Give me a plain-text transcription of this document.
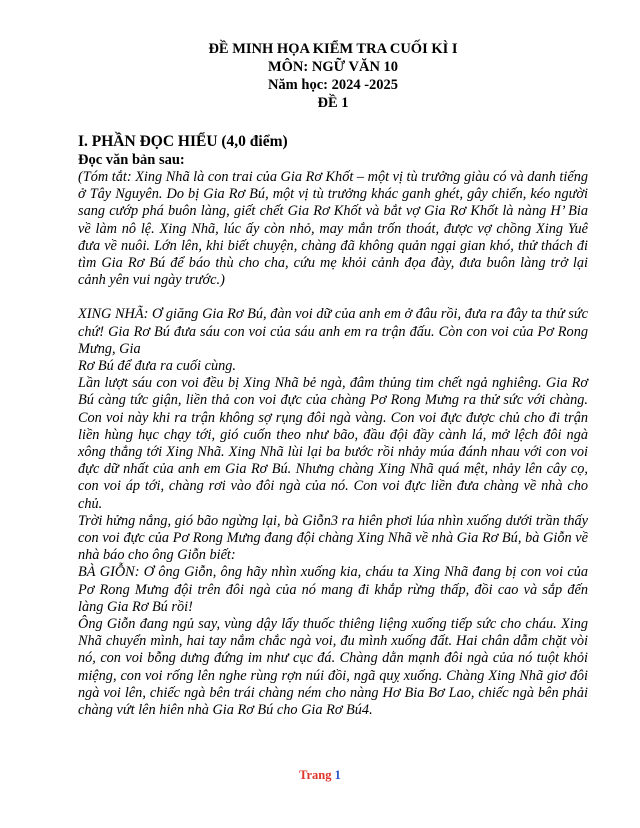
ĐỀ MINH HỌA KIỂM TRA CUỐI KÌ I
MÔN: NGỮ VĂN 10
Năm học: 2024 -2025
ĐỀ 1
I. PHẦN ĐỌC HIỂU (4,0 điểm)
Đọc văn bản sau:

(Tóm tắt: Xing Nhã là con trai của Gia Rơ Khốt – một vị tù trưởng giàu có và danh tiếng ở Tây Nguyên. Do bị Gia Rơ Bú, một vị tù trưởng khác ganh ghét, gây chiến, kéo người sang cướp phá buôn làng, giết chết Gia Rơ Khốt và bắt vợ Gia Rơ Khốt là nàng H’ Bia về làm nô lệ. Xing Nhã, lúc ấy còn nhỏ, may mắn trốn thoát, được vợ chồng Xing Yuê đưa về nuôi. Lớn lên, khi biết chuyện, chàng đã không quản ngại gian khó, thử thách đi tìm Gia Rơ Bú để báo thù cho cha, cứu mẹ khỏi cảnh đọa đày, đưa buôn làng trở lại cảnh yên vui ngày trước.)

XING NHÃ: Ơ giăng Gia Rơ Bú, đàn voi dữ của anh em ở đâu rồi, đưa ra đây ta thử sức chứ! Gia Rơ Bú đưa sáu con voi của sáu anh em ra trận đấu. Còn con voi của Pơ Rong Mưng, Gia

Rơ Bú để đưa ra cuối cùng.

Lần lượt sáu con voi đều bị Xing Nhã bẻ ngà, đâm thủng tim chết ngả nghiêng. Gia Rơ Bú càng tức giận, liền thả con voi đực của chàng Pơ Rong Mưng ra thử sức với chàng. Con voi này khi ra trận không sợ rụng đôi ngà vàng. Con voi đực được chủ cho đi trận liền hùng hục chạy tới, gió cuốn theo như bão, đầu đội đầy cành lá, mở lệch đôi ngà xông thẳng tới Xing Nhã. Xing Nhã lùi lại ba bước rồi nhảy múa đánh nhau với con voi đực dữ nhất của anh em Gia Rơ Bú. Nhưng chàng Xing Nhã quá mệt, nhảy lên cây cọ, con voi áp tới, chàng rơi vào đôi ngà của nó. Con voi đực liền đưa chàng về nhà cho chủ.

Trời hửng nắng, gió bão ngừng lại, bà Giỗn3 ra hiên phơi lúa nhìn xuống dưới trần thấy con voi đực của Pơ Rong Mưng đang đội chàng Xing Nhã về nhà Gia Rơ Bú, bà Giỗn về nhà báo cho ông Giỗn biết:

BÀ GIỖN: Ơ ông Giỗn, ông hãy nhìn xuống kia, cháu ta Xing Nhã đang bị con voi của Pơ Rong Mưng đội trên đôi ngà của nó mang đi khắp rừng thấp, đồi cao và sắp đến làng Gia Rơ Bú rồi!

Ông Giỗn đang ngủ say, vùng dậy lấy thuốc thiêng liệng xuống tiếp sức cho cháu. Xing Nhã chuyển mình, hai tay nắm chắc ngà voi, đu mình xuống đất. Hai chân dẫm chặt vòi nó, con voi bỗng dưng đứng im như cục đá. Chàng dằn mạnh đôi ngà của nó tuột khỏi miệng, con voi rống lên nghe rùng rợn núi đồi, ngã quỵ xuống. Chàng Xing Nhã giơ đôi ngà voi lên, chiếc ngà bên trái chàng ném cho nàng Hơ Bia Bơ Lao, chiếc ngà bên phải chàng vứt lên hiên nhà Gia Rơ Bú cho Gia Rơ Bú4.

Trang 1
